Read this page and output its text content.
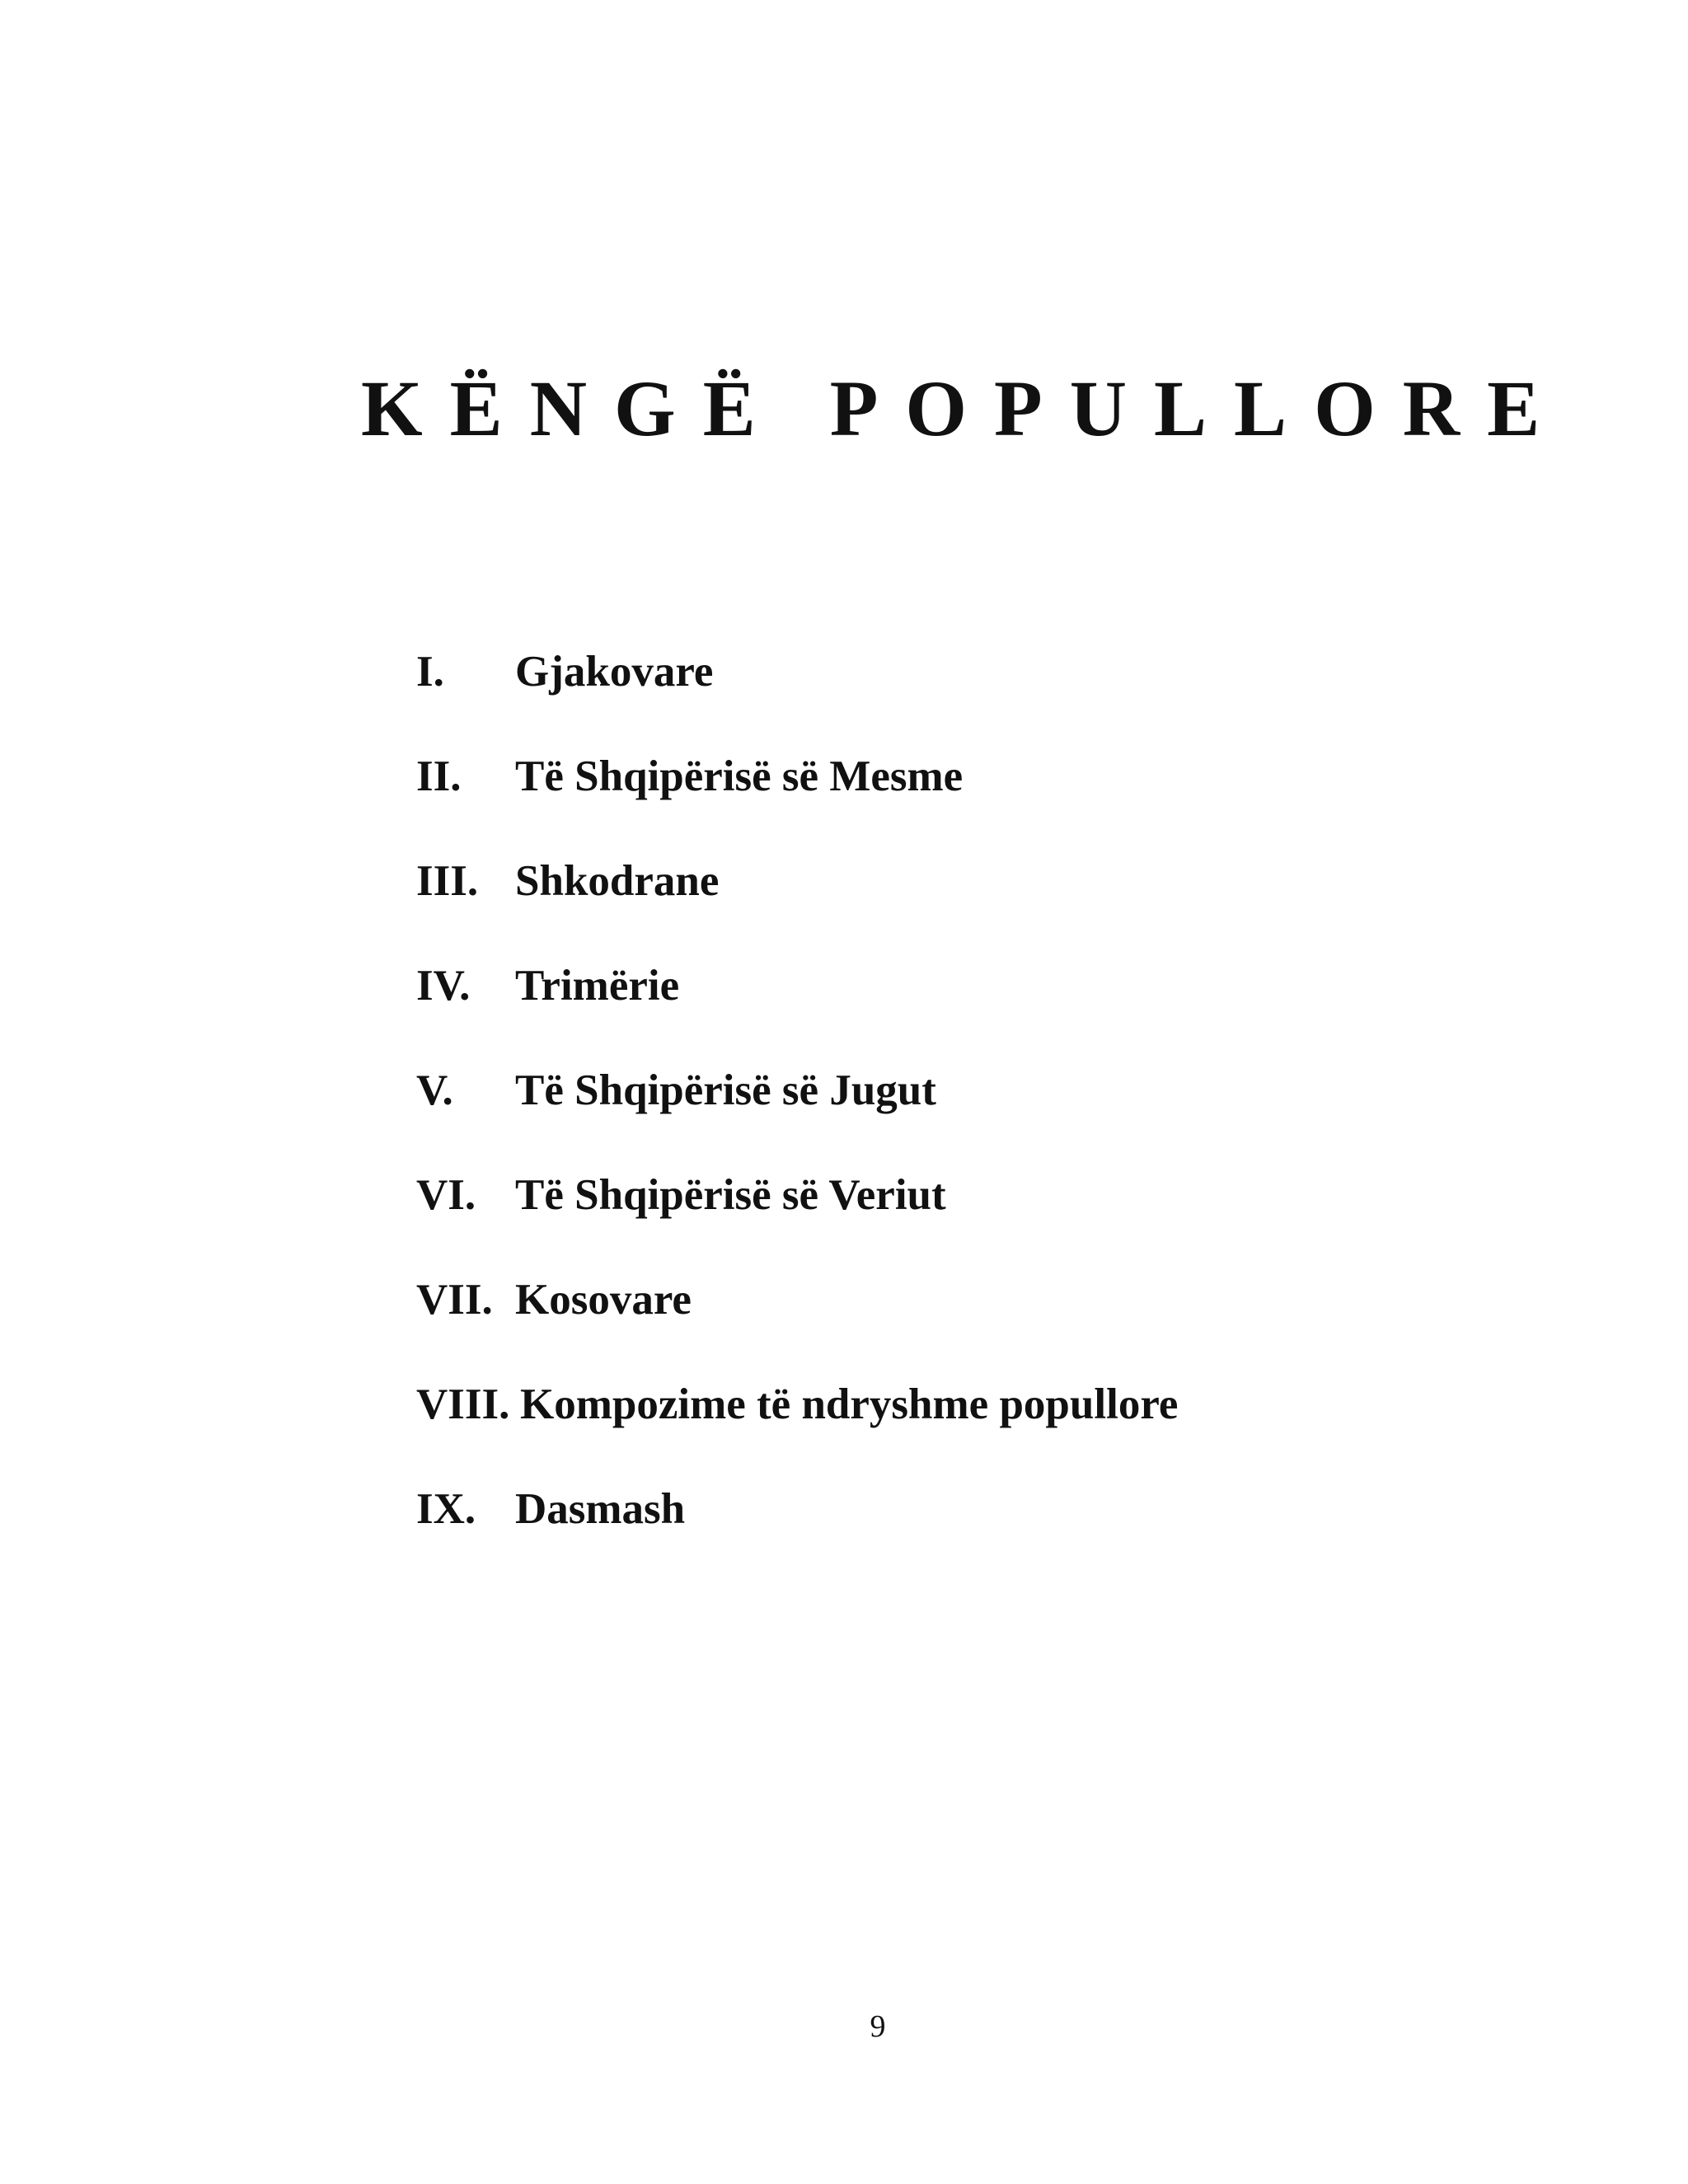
KËNGË POPULLORE
I. Gjakovare
II. Të Shqipërisë së Mesme
III. Shkodrane
IV. Trimërie
V. Të Shqipërisë së Jugut
VI. Të Shqipërisë së Veriut
VII. Kosovare
VIII. Kompozime të ndryshme popullore
IX. Dasmash
9
